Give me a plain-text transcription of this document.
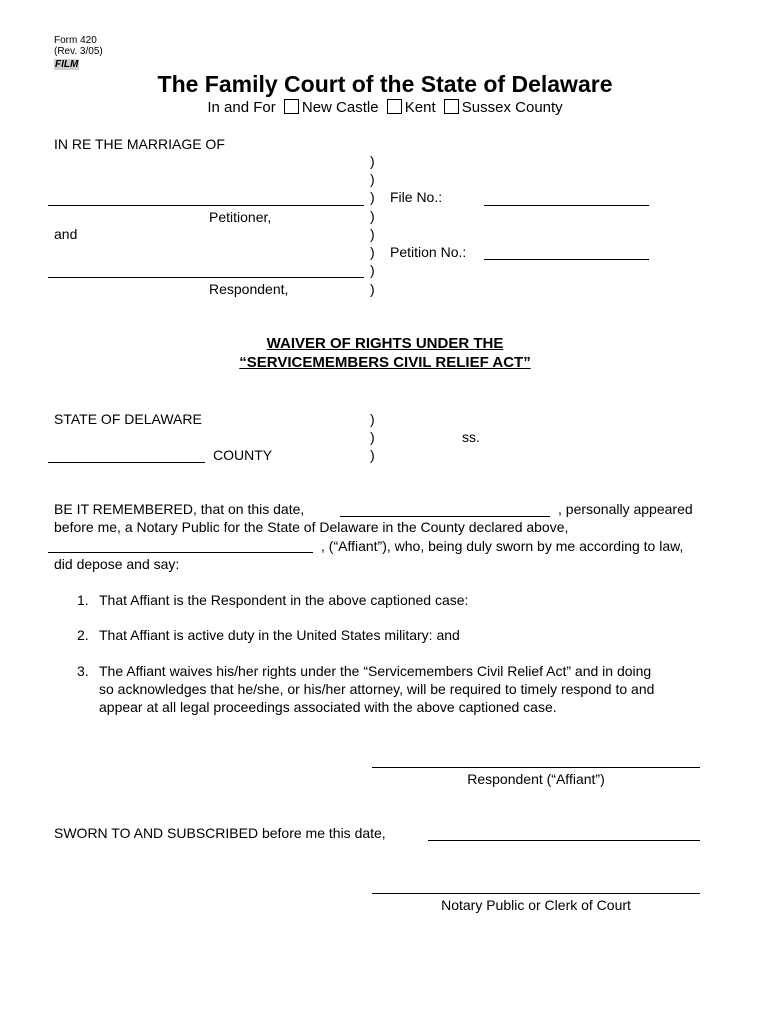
Form 420
(Rev. 3/05)
FILM
The Family Court of the State of Delaware
In and For New Castle Kent Sussex County
IN RE THE MARRIAGE OF
)
)
)
)
)
)
)
)
Petitioner,
and
Respondent,
File No.:
Petition No.:
WAIVER OF RIGHTS UNDER THE
“SERVICEMEMBERS CIVIL RELIEF ACT”
STATE OF DELAWARE	)
)
)
ss.
COUNTY
BE IT REMEMBERED, that on this date,	, personally appeared
before me, a Notary Public for the State of Delaware in the County declared above,
, (“Affiant”), who, being duly sworn by me according to law,
did depose and say:
1. That Affiant is the Respondent in the above captioned case:
2. That Affiant is active duty in the United States military: and
3. The Affiant waives his/her rights under the “Servicemembers Civil Relief Act” and in doing
so acknowledges that he/she, or his/her attorney, will be required to timely respond to and
appear at all legal proceedings associated with the above captioned case.
Respondent (“Affiant”)
SWORN TO AND SUBSCRIBED before me this date,
Notary Public or Clerk of Court
